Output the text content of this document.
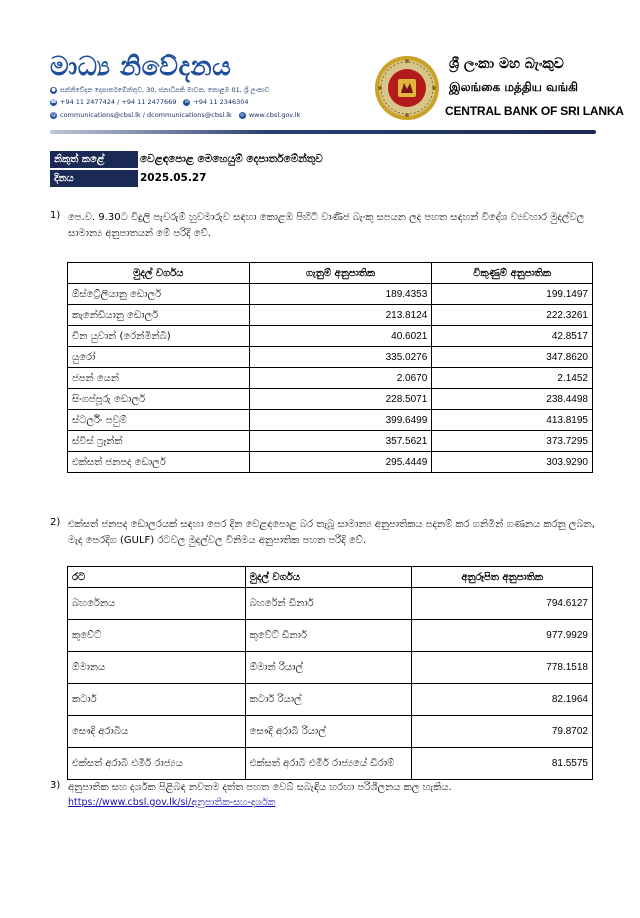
මාධ්‍ය නිවේදනය
● සන්නිවේදන දෙපාර්තමේන්තුව, 30, ජනාධිපති මාවත, කොළඹ 01, ශ්‍රී ලංකාව
☎ +94 11 2477424 / +94 11 2477669 ✉ +94 11 2346304
@ communications@cbsl.lk / dcommunications@cbsl.lk ◎ www.cbsl.gov.lk
ශ්‍රී ලංකා මහ බැංකුව
இலங்கை மத்திய வங்கி
CENTRAL BANK OF SRI LANKA
නිකුත් කළේ	වෙළඳපොළ මෙහෙයුම් දෙපාර්තමේන්තුව
දිනය	2025.05.27
1) පෙ.ව. 9.30ට විදුලි පැවරුම් හුවමාරුව සඳහා කොළඹ පිහිටි වාණිජ බැංකු සපයන ලද පහත සඳහන් විදේශ ව්‍යවහාර මුදල්වල සාමාන්‍ය අනුපාතයන් මේ පරිදි වේ.
මුදල් වර්ගය	ගැනුම් අනුපාතික	විකුණුම් අනුපාතික
ඕස්ට්‍රේලියානු ඩොලර්	189.4353	199.1497
කැනේඩියානු ඩොලර්	213.8124	222.3261
චීන යුවාන් (රෙන්මින්බි)	40.6021	42.8517
යුරෝ	335.0276	347.8620
ජපන් යෙන්	2.0670	2.1452
සිංගප්පූරු ඩොලර්	228.5071	238.4498
ස්ටර්ලිං පවුම්	399.6499	413.8195
ස්විස් ෆ්‍රෑන්ක්	357.5621	373.7295
එක්සත් ජනපද ඩොලර්	295.4449	303.9290
2) එක්සත් ජනපද ඩොලරයක් සඳහා පෙර දින වෙළඳපොළ බර තැබූ සාමාන්‍ය අනුපාතිකය පදනම් කර ගනිමින් ගණනය කරනු ලබන, මැද පෙරදිග (GULF) රටවල මුදල්වල විනිමය අනුපාතික පහත පරිදි වේ.
රට	මුදල් වර්ගය	අනුරූපිත අනුපාතික
බහරේනය	බහරේන් ඩිනාර්	794.6127
කුවේට්	කුවේට් ඩිනාර්	977.9929
ඕමානය	ඕමාන් රියාල්	778.1518
කටාර්	කටාර් රියාල්	82.1964
සෞදි අරාබිය	සෞදි අරාබි රියාල්	79.8702
එක්සත් අරාබි එමීර් රාජ්‍යය	එක්සත් අරාබි එමීර් රාජ්‍යයේ ඩිරාම්	81.5575
3) අනුපාතික සහ දර්ශක පිළිබඳ නවතම දත්ත පහත වෙබ් සබැඳිය හරහා පරිශීලනය කල හැකිය.
https://www.cbsl.gov.lk/si/අනුපාතික-සහ-දර්ශක
